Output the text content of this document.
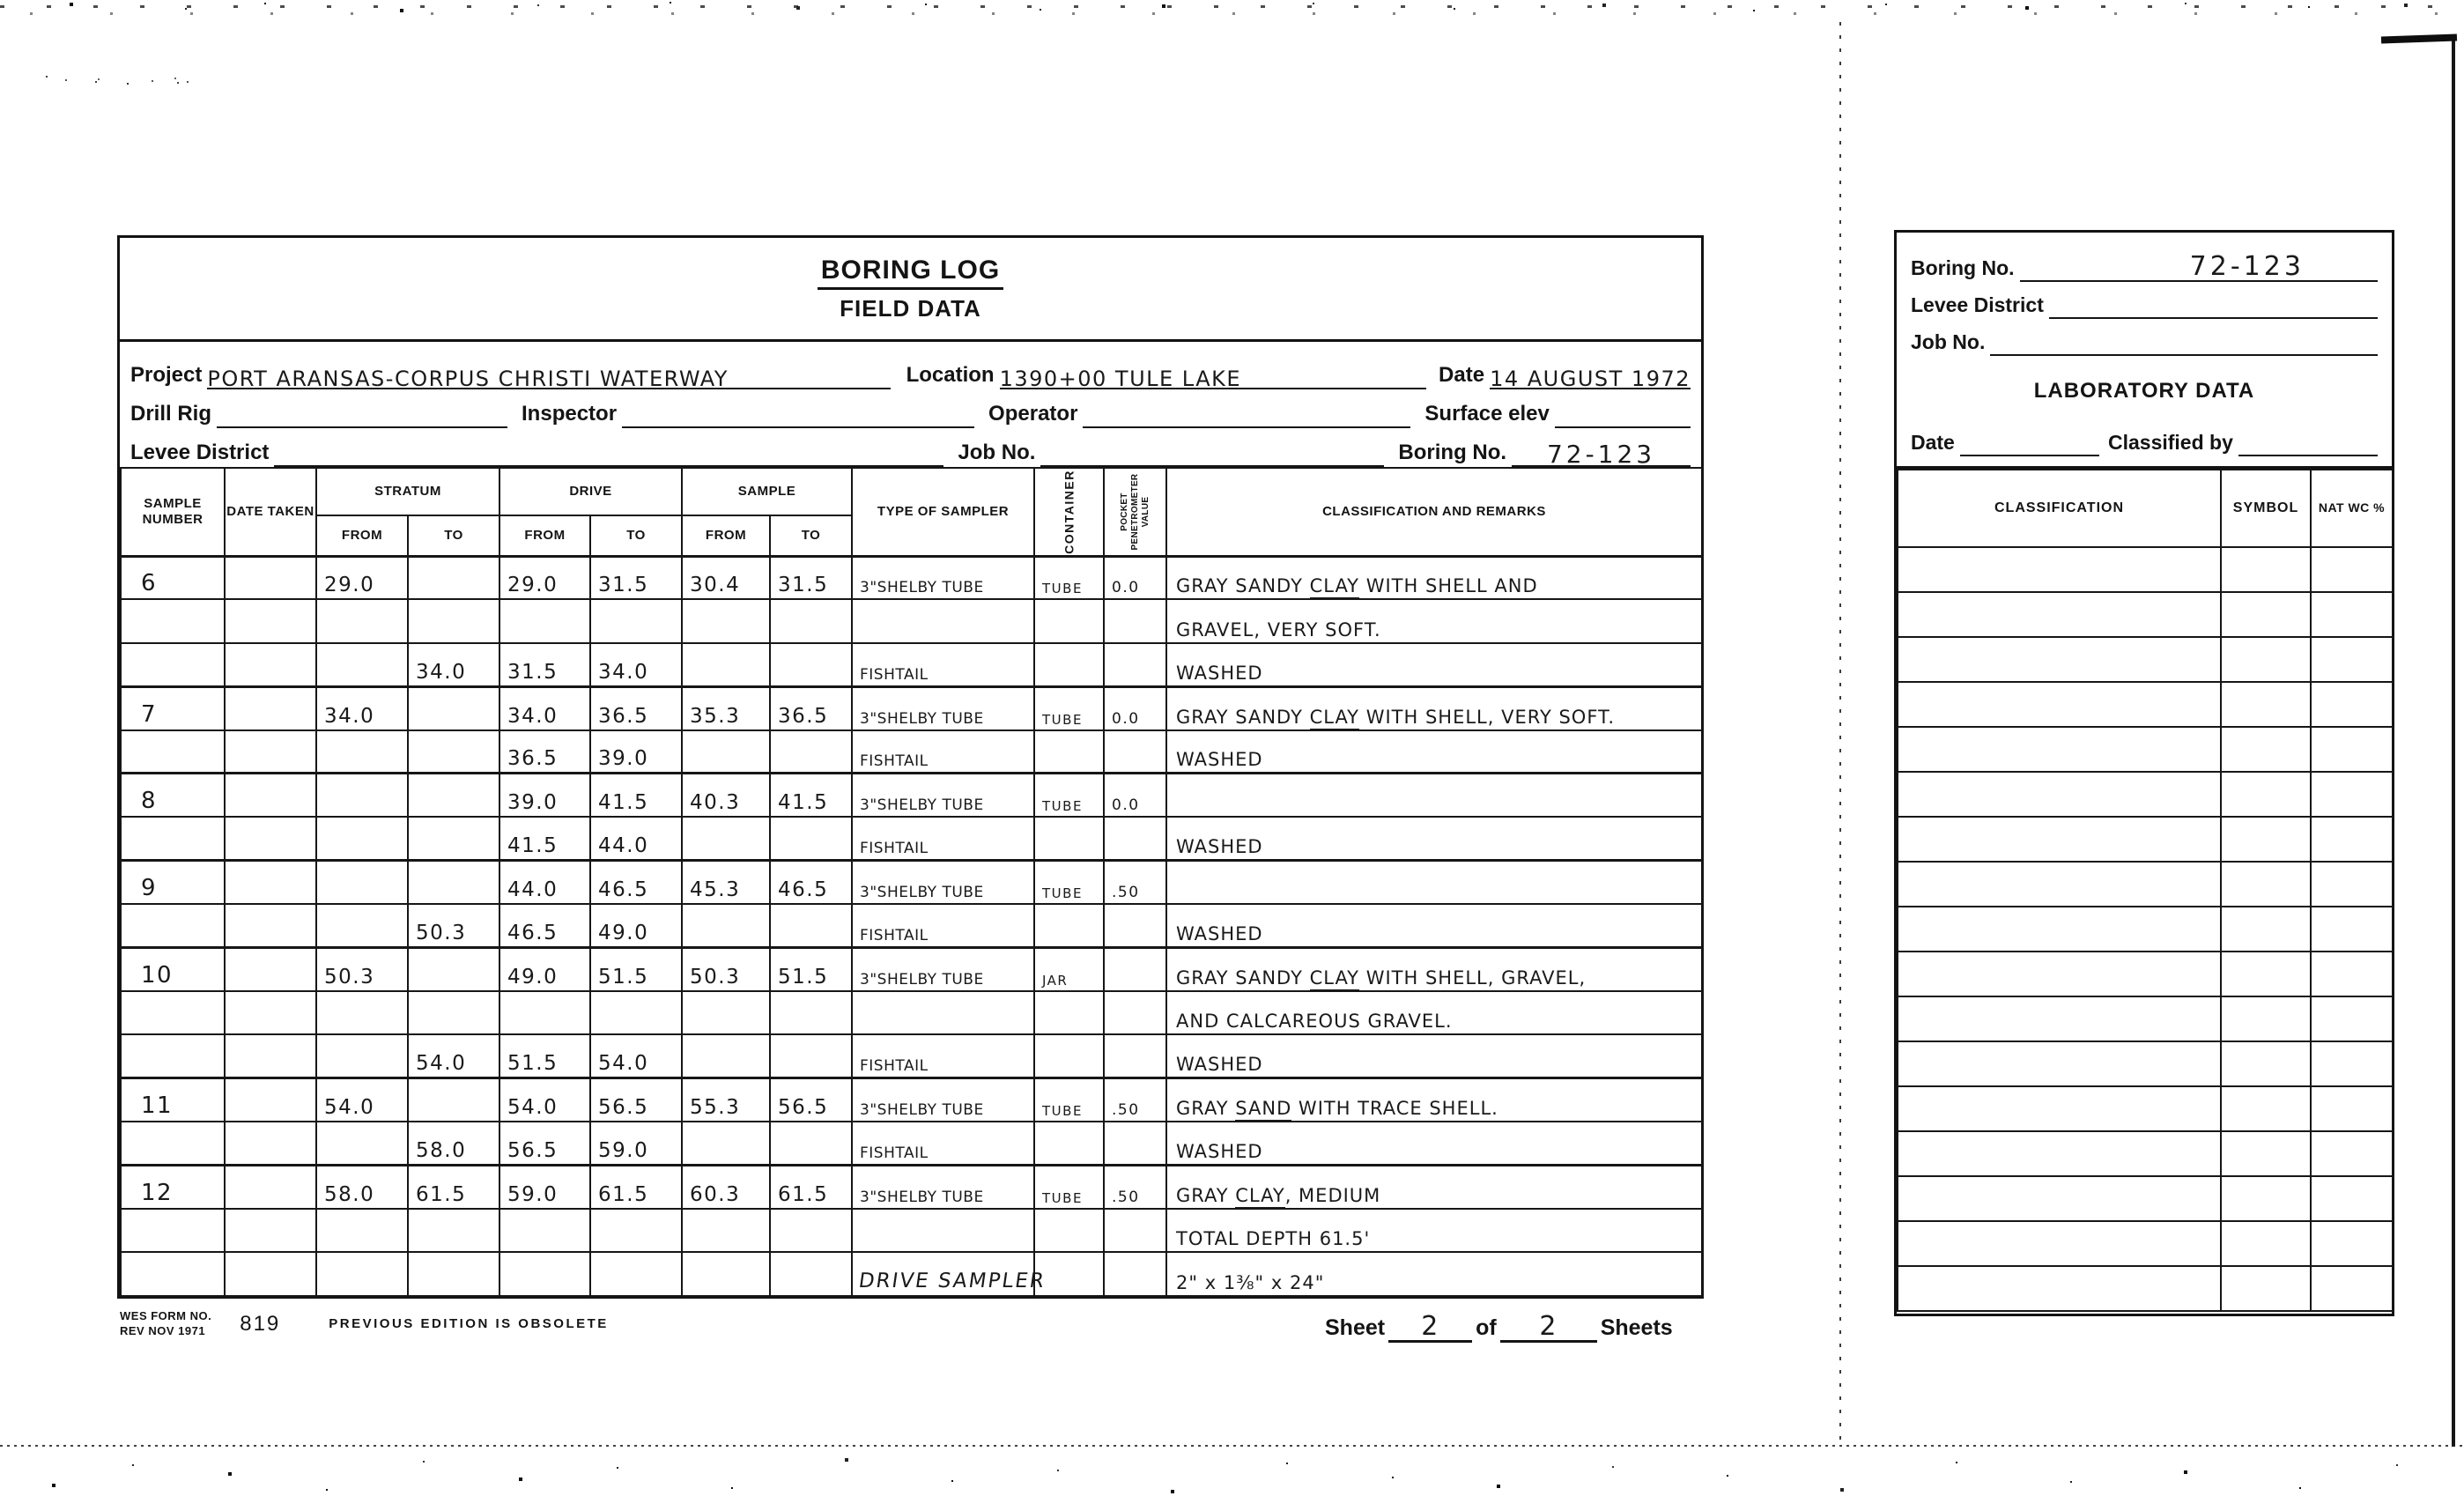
BORING LOG
FIELD DATA
Project PORT ARANSAS-CORPUS CHRISTI WATERWAY	Location 1390+00 TULE LAKE	Date 14 AUGUST 1972
Drill Rig	Inspector	Operator	Surface elev
Levee District	Job No.	Boring No. 72-123
SAMPLE NUMBER	DATE TAKEN	STRATUM		DRIVE		SAMPLE		TYPE OF SAMPLER	CONTAINER	POCKET PENETROMETER VALUE	CLASSIFICATION AND REMARKS
		FROM	TO	FROM	TO	FROM	TO				
6		29.0		29.0	31.5	30.4	31.5	3"SHELBY TUBE	TUBE	0.0	GRAY SANDY CLAY WITH SHELL AND
											GRAVEL, VERY SOFT.
			34.0	31.5	34.0			FISHTAIL			WASHED
7		34.0		34.0	36.5	35.3	36.5	3"SHELBY TUBE	TUBE	0.0	GRAY SANDY CLAY WITH SHELL, VERY SOFT.
				36.5	39.0			FISHTAIL			WASHED
8				39.0	41.5	40.3	41.5	3"SHELBY TUBE	TUBE	0.0	
				41.5	44.0			FISHTAIL			WASHED
9				44.0	46.5	45.3	46.5	3"SHELBY TUBE	TUBE	.50	
			50.3	46.5	49.0			FISHTAIL			WASHED
10		50.3		49.0	51.5	50.3	51.5	3"SHELBY TUBE	JAR		GRAY SANDY CLAY WITH SHELL, GRAVEL,
											AND CALCAREOUS GRAVEL.
			54.0	51.5	54.0			FISHTAIL			WASHED
11		54.0		54.0	56.5	55.3	56.5	3"SHELBY TUBE	TUBE	.50	GRAY SAND WITH TRACE SHELL.
			58.0	56.5	59.0			FISHTAIL			WASHED
12		58.0	61.5	59.0	61.5	60.3	61.5	3"SHELBY TUBE	TUBE	.50	GRAY CLAY, MEDIUM
											TOTAL DEPTH 61.5'
								DRIVE SAMPLER			2" x 1⅜" x 24"
WES FORM NO.
REV NOV 1971 819	PREVIOUS EDITION IS OBSOLETE	Sheet	2	of	2	Sheets
Boring No.	72-123
Levee District
Job No.
LABORATORY DATA
Date	Classified by
CLASSIFICATION	SYMBOL	NAT WC %
